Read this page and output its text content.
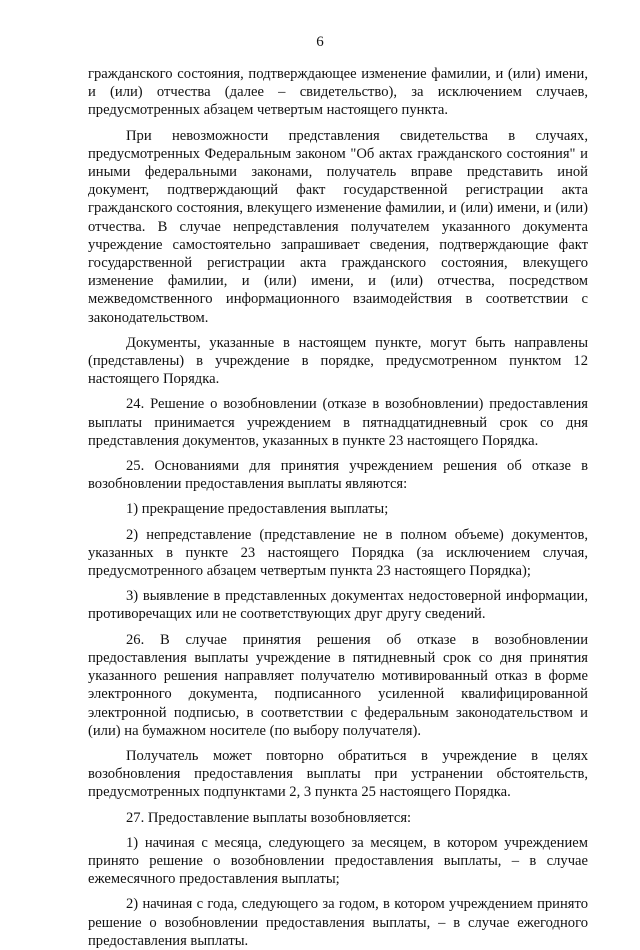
6

гражданского состояния, подтверждающее изменение фамилии, и (или) имени, и (или) отчества (далее – свидетельство), за исключением случаев, предусмотренных абзацем четвертым настоящего пункта.

При невозможности представления свидетельства в случаях, предусмотренных Федеральным законом "Об актах гражданского состояния" и иными федеральными законами, получатель вправе представить иной документ, подтверждающий факт государственной регистрации акта гражданского состояния, влекущего изменение фамилии, и (или) имени, и (или) отчества. В случае непредставления получателем указанного документа учреждение самостоятельно запрашивает сведения, подтверждающие факт государственной регистрации акта гражданского состояния, влекущего изменение фамилии, и (или) имени, и (или) отчества, посредством межведомственного информационного взаимодействия в соответствии с законодательством.

Документы, указанные в настоящем пункте, могут быть направлены (представлены) в учреждение в порядке, предусмотренном пунктом 12 настоящего Порядка.

24. Решение о возобновлении (отказе в возобновлении) предоставления выплаты принимается учреждением в пятнадцатидневный срок со дня представления документов, указанных в пункте 23 настоящего Порядка.

25. Основаниями для принятия учреждением решения об отказе в возобновлении предоставления выплаты являются:

1) прекращение предоставления выплаты;

2) непредставление (представление не в полном объеме) документов, указанных в пункте 23 настоящего Порядка (за исключением случая, предусмотренного абзацем четвертым пункта 23 настоящего Порядка);

3) выявление в представленных документах недостоверной информации, противоречащих или не соответствующих друг другу сведений.

26. В случае принятия решения об отказе в возобновлении предоставления выплаты учреждение в пятидневный срок со дня принятия указанного решения направляет получателю мотивированный отказ в форме электронного документа, подписанного усиленной квалифицированной электронной подписью, в соответствии с федеральным законодательством и (или) на бумажном носителе (по выбору получателя).

Получатель может повторно обратиться в учреждение в целях возобновления предоставления выплаты при устранении обстоятельств, предусмотренных подпунктами 2, 3 пункта 25 настоящего Порядка.

27. Предоставление выплаты возобновляется:

1) начиная с месяца, следующего за месяцем, в котором учреждением принято решение о возобновлении предоставления выплаты, – в случае ежемесячного предоставления выплаты;

2) начиная с года, следующего за годом, в котором учреждением принято решение о возобновлении предоставления выплаты, – в случае ежегодного предоставления выплаты.
